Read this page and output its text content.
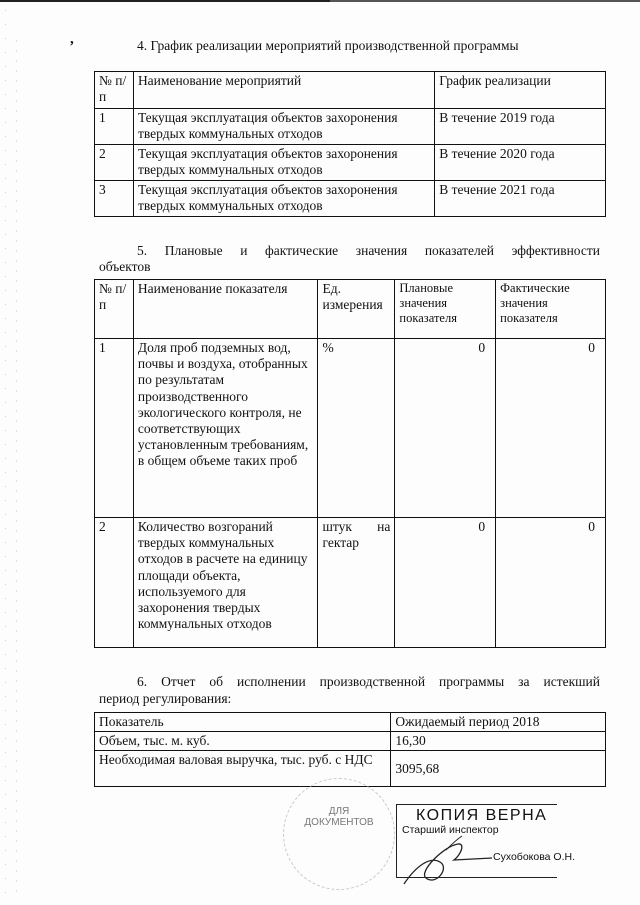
,	4. График реализации мероприятий производственной программы
№ п/п	Наименование мероприятий	График реализации
1	Текущая эксплуатация объектов захоронения твердых коммунальных отходов	В течение 2019 года
2	Текущая эксплуатация объектов захоронения твердых коммунальных отходов	В течение 2020 года
3	Текущая эксплуатация объектов захоронения твердых коммунальных отходов	В течение 2021 года
5. Плановые и фактические значения показателей эффективности
объектов
№ п/п	Наименование показателя	Ед. измерения	Плановые значения показателя	Фактические значения показателя
1	Доля проб подземных вод, почвы и воздуха, отобранных по результатам производственного экологического контроля, не соответствующих установленным требованиям, в общем объеме таких проб	%	0	0
2	Количество возгораний твердых коммунальных отходов в расчете на единицу площади объекта, используемого для захоронения твердых коммунальных отходов	штук на гектар	0	0
6. Отчет об исполнении производственной программы за истекший
период регулирования:
Показатель	Ожидаемый период 2018
Объем, тыс. м. куб.	16,30
Необходимая валовая выручка, тыс. руб. с НДС	3095,68
ДЛЯ ДОКУМЕНТОВ	КОПИЯ ВЕРНА
Старший инспектор
Сухобокова О.Н.
